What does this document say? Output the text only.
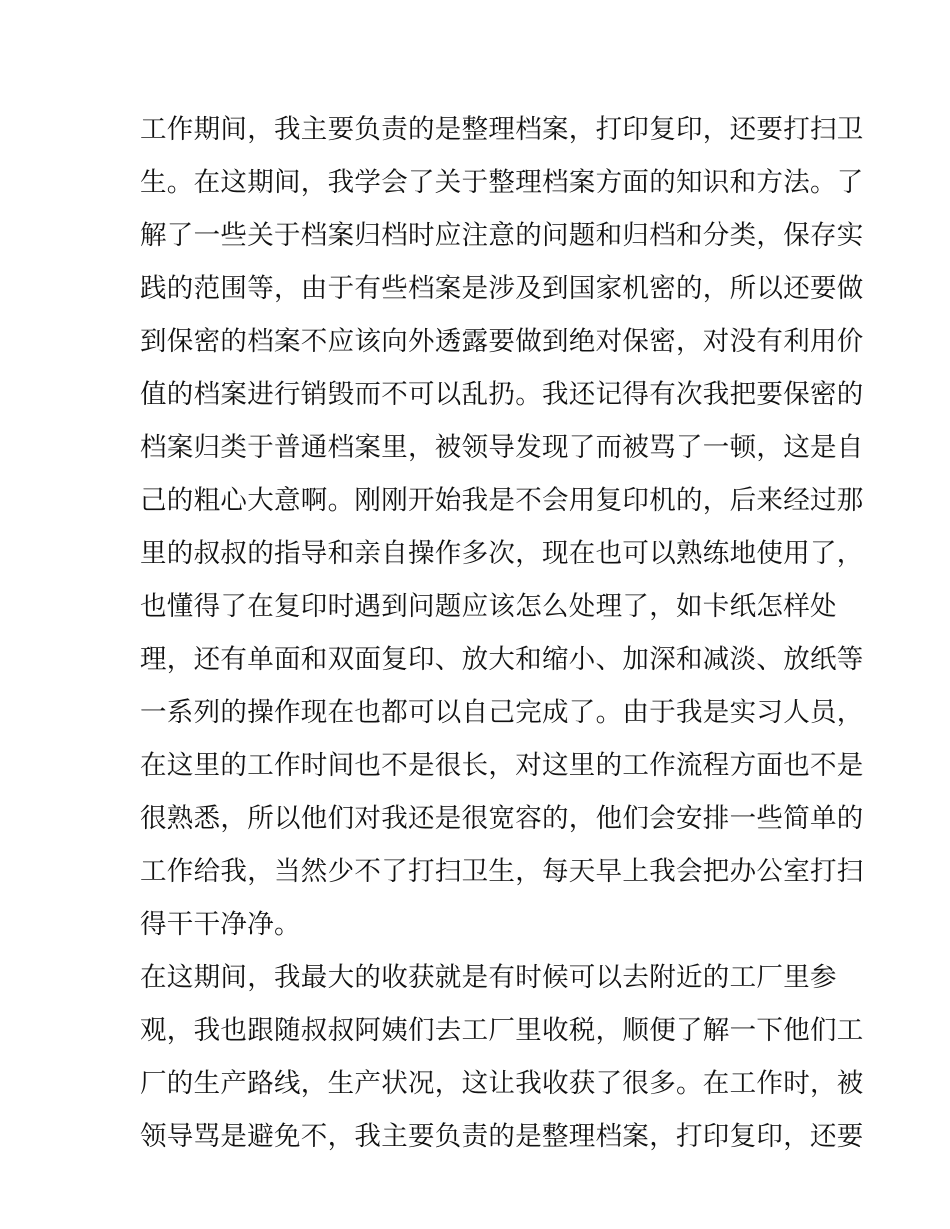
工作期间，我主要负责的是整理档案，打印复印，还要打扫卫
生。在这期间，我学会了关于整理档案方面的知识和方法。了
解了一些关于档案归档时应注意的问题和归档和分类，保存实
践的范围等，由于有些档案是涉及到国家机密的，所以还要做
到保密的档案不应该向外透露要做到绝对保密，对没有利用价
值的档案进行销毁而不可以乱扔。我还记得有次我把要保密的
档案归类于普通档案里，被领导发现了而被骂了一顿，这是自
己的粗心大意啊。刚刚开始我是不会用复印机的，后来经过那
里的叔叔的指导和亲自操作多次，现在也可以熟练地使用了，
也懂得了在复印时遇到问题应该怎么处理了，如卡纸怎样处
理，还有单面和双面复印、放大和缩小、加深和减淡、放纸等
一系列的操作现在也都可以自己完成了。由于我是实习人员，
在这里的工作时间也不是很长，对这里的工作流程方面也不是
很熟悉，所以他们对我还是很宽容的，他们会安排一些简单的
工作给我，当然少不了打扫卫生，每天早上我会把办公室打扫
得干干净净。
在这期间，我最大的收获就是有时候可以去附近的工厂里参
观，我也跟随叔叔阿姨们去工厂里收税，顺便了解一下他们工
厂的生产路线，生产状况，这让我收获了很多。在工作时，被
领导骂是避免不，我主要负责的是整理档案，打印复印，还要
